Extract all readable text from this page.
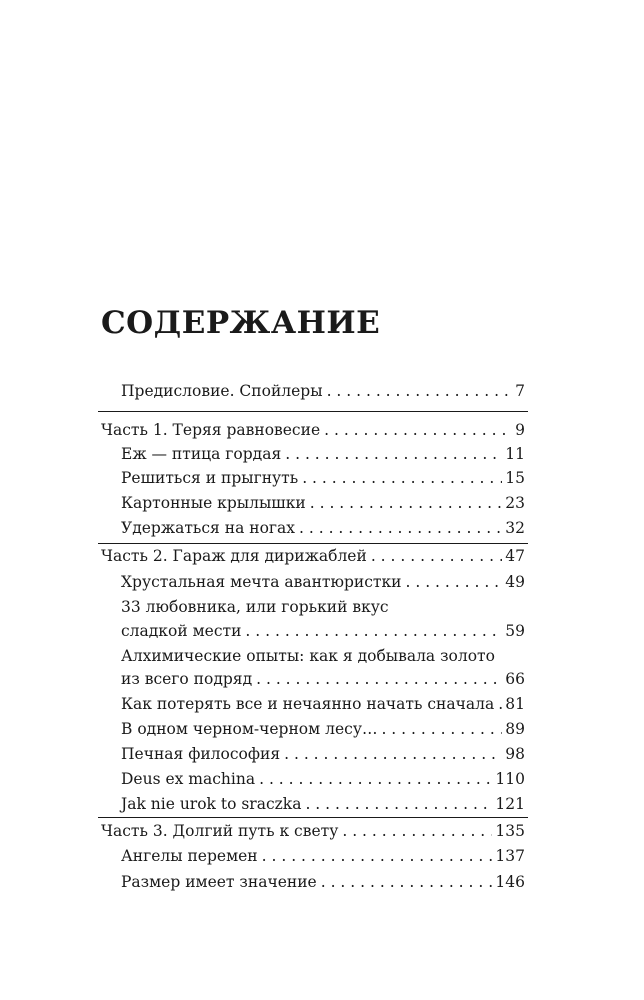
СОДЕРЖАНИЕ
Предисловие. Спойлеры . . .	7
Часть 1. Теряя равновесие . . .	9
Еж — птица гордая . . .	11
Решиться и прыгнуть . . .	15
Картонные крылышки . . .	23
Удержаться на ногах . . .	32
Часть 2. Гараж для дирижаблей . . .	47
Хрустальная мечта авантюристки . . .	49
33 любовника, или горький вкус
сладкой мести . . .	59
Алхимические опыты: как я добывала золото
из всего подряд . . .	66
Как потерять все и нечаянно начать сначала . . . 81
В одном черном-черном лесу… . . .	89
Печная философия . . .	98
Deus ex machina . . .	110
Jak nie urok to sraczka . . .	121
Часть 3. Долгий путь к свету . . .	135
Ангелы перемен . . .	137
Размер имеет значение . . .	146
